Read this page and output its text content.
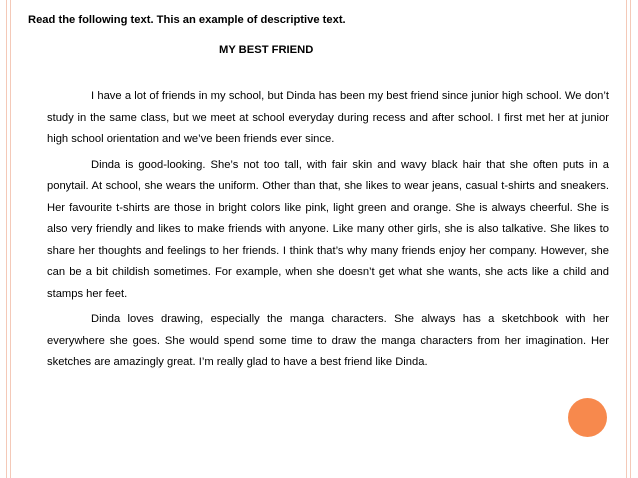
Read the following text. This an example of descriptive text.
MY BEST FRIEND

I have a lot of friends in my school, but Dinda has been my best friend since junior high school. We don’t study in the same class, but we meet at school everyday during recess and after school. I first met her at junior high school orientation and we’ve been friends ever since.

Dinda is good-looking. She’s not too tall, with fair skin and wavy black hair that she often puts in a ponytail. At school, she wears the uniform. Other than that, she likes to wear jeans, casual t-shirts and sneakers. Her favourite t-shirts are those in bright colors like pink, light green and orange. She is always cheerful. She is also very friendly and likes to make friends with anyone. Like many other girls, she is also talkative. She likes to share her thoughts and feelings to her friends. I think that’s why many friends enjoy her company. However, she can be a bit childish sometimes. For example, when she doesn’t get what she wants, she acts like a child and stamps her feet.

Dinda loves drawing, especially the manga characters. She always has a sketchbook with her everywhere she goes. She would spend some time to draw the manga characters from her imagination. Her sketches are amazingly great. I’m really glad to have a best friend like Dinda.
